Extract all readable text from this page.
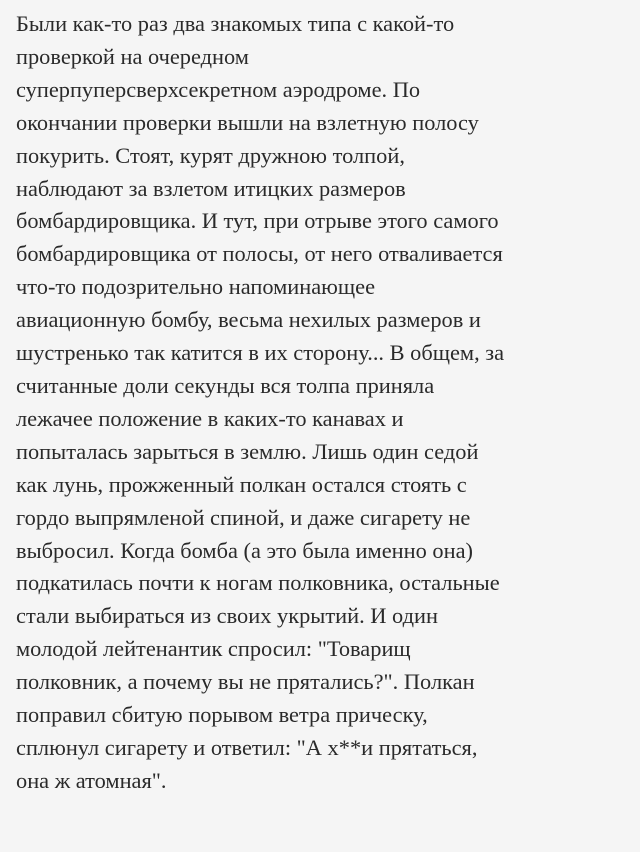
Были как-то раз два знакомых типа с какой-то
проверкой на очередном
суперпуперсверхсекретном аэродроме. По
окончании проверки вышли на взлетную полосу
покурить. Стоят, курят дружною толпой,
наблюдают за взлетом итицких размеров
бомбардировщика. И тут, при отрыве этого самого
бомбардировщика от полосы, от него отваливается
что-то подозрительно напоминающее
авиационную бомбу, весьма нехилых размеров и
шустренько так катится в их сторону... В общем, за
считанные доли секунды вся толпа приняла
лежачее положение в каких-то канавах и
попыталась зарыться в землю. Лишь один седой
как лунь, прожженный полкан остался стоять с
гордо выпрямленой спиной, и даже сигарету не
выбросил. Когда бомба (а это была именно она)
подкатилась почти к ногам полковника, остальные
стали выбираться из своих укрытий. И один
молодой лейтенантик спросил: "Товарищ
полковник, а почему вы не прятались?". Полкан
поправил сбитую порывом ветра прическу,
сплюнул сигарету и ответил: "А х**и прятаться,
она ж атомная".
